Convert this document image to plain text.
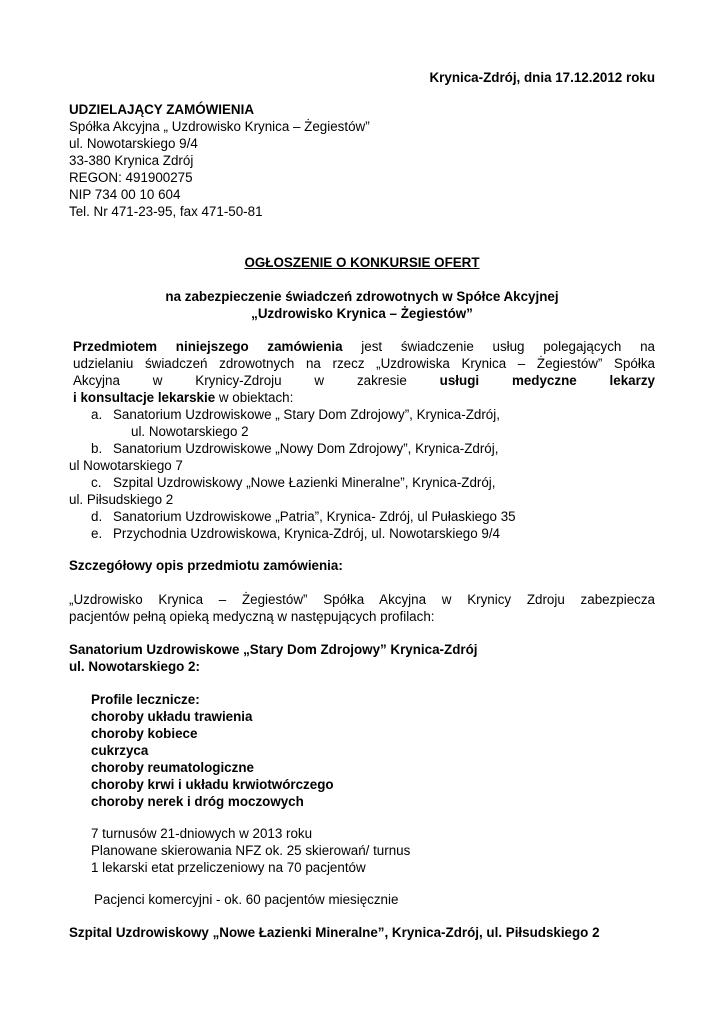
Krynica-Zdrój, dnia 17.12.2012 roku
UDZIELAJĄCY ZAMÓWIENIA
Spółka Akcyjna „ Uzdrowisko Krynica – Żegiestów”
ul. Nowotarskiego 9/4
33-380 Krynica Zdrój
REGON: 491900275
NIP 734 00 10 604
Tel. Nr 471-23-95, fax 471-50-81
OGŁOSZENIE O KONKURSIE OFERT
na zabezpieczenie świadczeń zdrowotnych w Spółce Akcyjnej
„Uzdrowisko Krynica – Żegiestów”
Przedmiotem niniejszego zamówienia jest świadczenie usług polegających na
udzielaniu świadczeń zdrowotnych na rzecz „Uzdrowiska Krynica – Żegiestów” Spółka
Akcyjna w Krynicy-Zdroju w zakresie usługi medyczne lekarzy
i konsultacje lekarskie w obiektach:
a. Sanatorium Uzdrowiskowe „ Stary Dom Zdrojowy”, Krynica-Zdrój,
ul. Nowotarskiego 2
b. Sanatorium Uzdrowiskowe „Nowy Dom Zdrojowy”, Krynica-Zdrój,
ul Nowotarskiego 7
c. Szpital Uzdrowiskowy „Nowe Łazienki Mineralne”, Krynica-Zdrój,
ul. Piłsudskiego 2
d. Sanatorium Uzdrowiskowe „Patria”, Krynica- Zdrój, ul Pułaskiego 35
e. Przychodnia Uzdrowiskowa, Krynica-Zdrój, ul. Nowotarskiego 9/4
Szczegółowy opis przedmiotu zamówienia:
„Uzdrowisko Krynica – Żegiestów” Spółka Akcyjna w Krynicy Zdroju zabezpiecza
pacjentów pełną opieką medyczną w następujących profilach:
Sanatorium Uzdrowiskowe „Stary Dom Zdrojowy” Krynica-Zdrój
ul. Nowotarskiego 2:
Profile lecznicze:
choroby układu trawienia
choroby kobiece
cukrzyca
choroby reumatologiczne
choroby krwi i układu krwiotwórczego
choroby nerek i dróg moczowych
7 turnusów 21-dniowych w 2013 roku
Planowane skierowania NFZ ok. 25 skierowań/ turnus
1 lekarski etat przeliczeniowy na 70 pacjentów
Pacjenci komercyjni - ok. 60 pacjentów miesięcznie
Szpital Uzdrowiskowy „Nowe Łazienki Mineralne”, Krynica-Zdrój, ul. Piłsudskiego 2
